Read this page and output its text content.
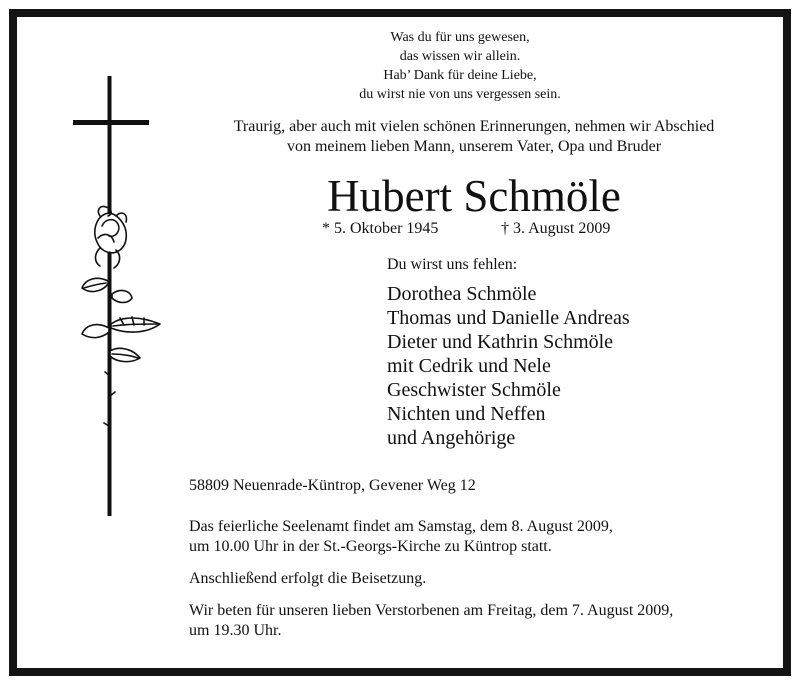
Was du für uns gewesen,
das wissen wir allein.
Hab’ Dank für deine Liebe,
du wirst nie von uns vergessen sein.
Traurig, aber auch mit vielen schönen Erinnerungen, nehmen wir Abschied
von meinem lieben Mann, unserem Vater, Opa und Bruder
Hubert Schmöle
* 5. Oktober 1945	† 3. August 2009
Du wirst uns fehlen:
Dorothea Schmöle
Thomas und Danielle Andreas
Dieter und Kathrin Schmöle
mit Cedrik und Nele
Geschwister Schmöle
Nichten und Neffen
und Angehörige
58809 Neuenrade-Küntrop, Gevener Weg 12
Das feierliche Seelenamt findet am Samstag, dem 8. August 2009,
um 10.00 Uhr in der St.-Georgs-Kirche zu Küntrop statt.
Anschließend erfolgt die Beisetzung.
Wir beten für unseren lieben Verstorbenen am Freitag, dem 7. August 2009,
um 19.30 Uhr.
